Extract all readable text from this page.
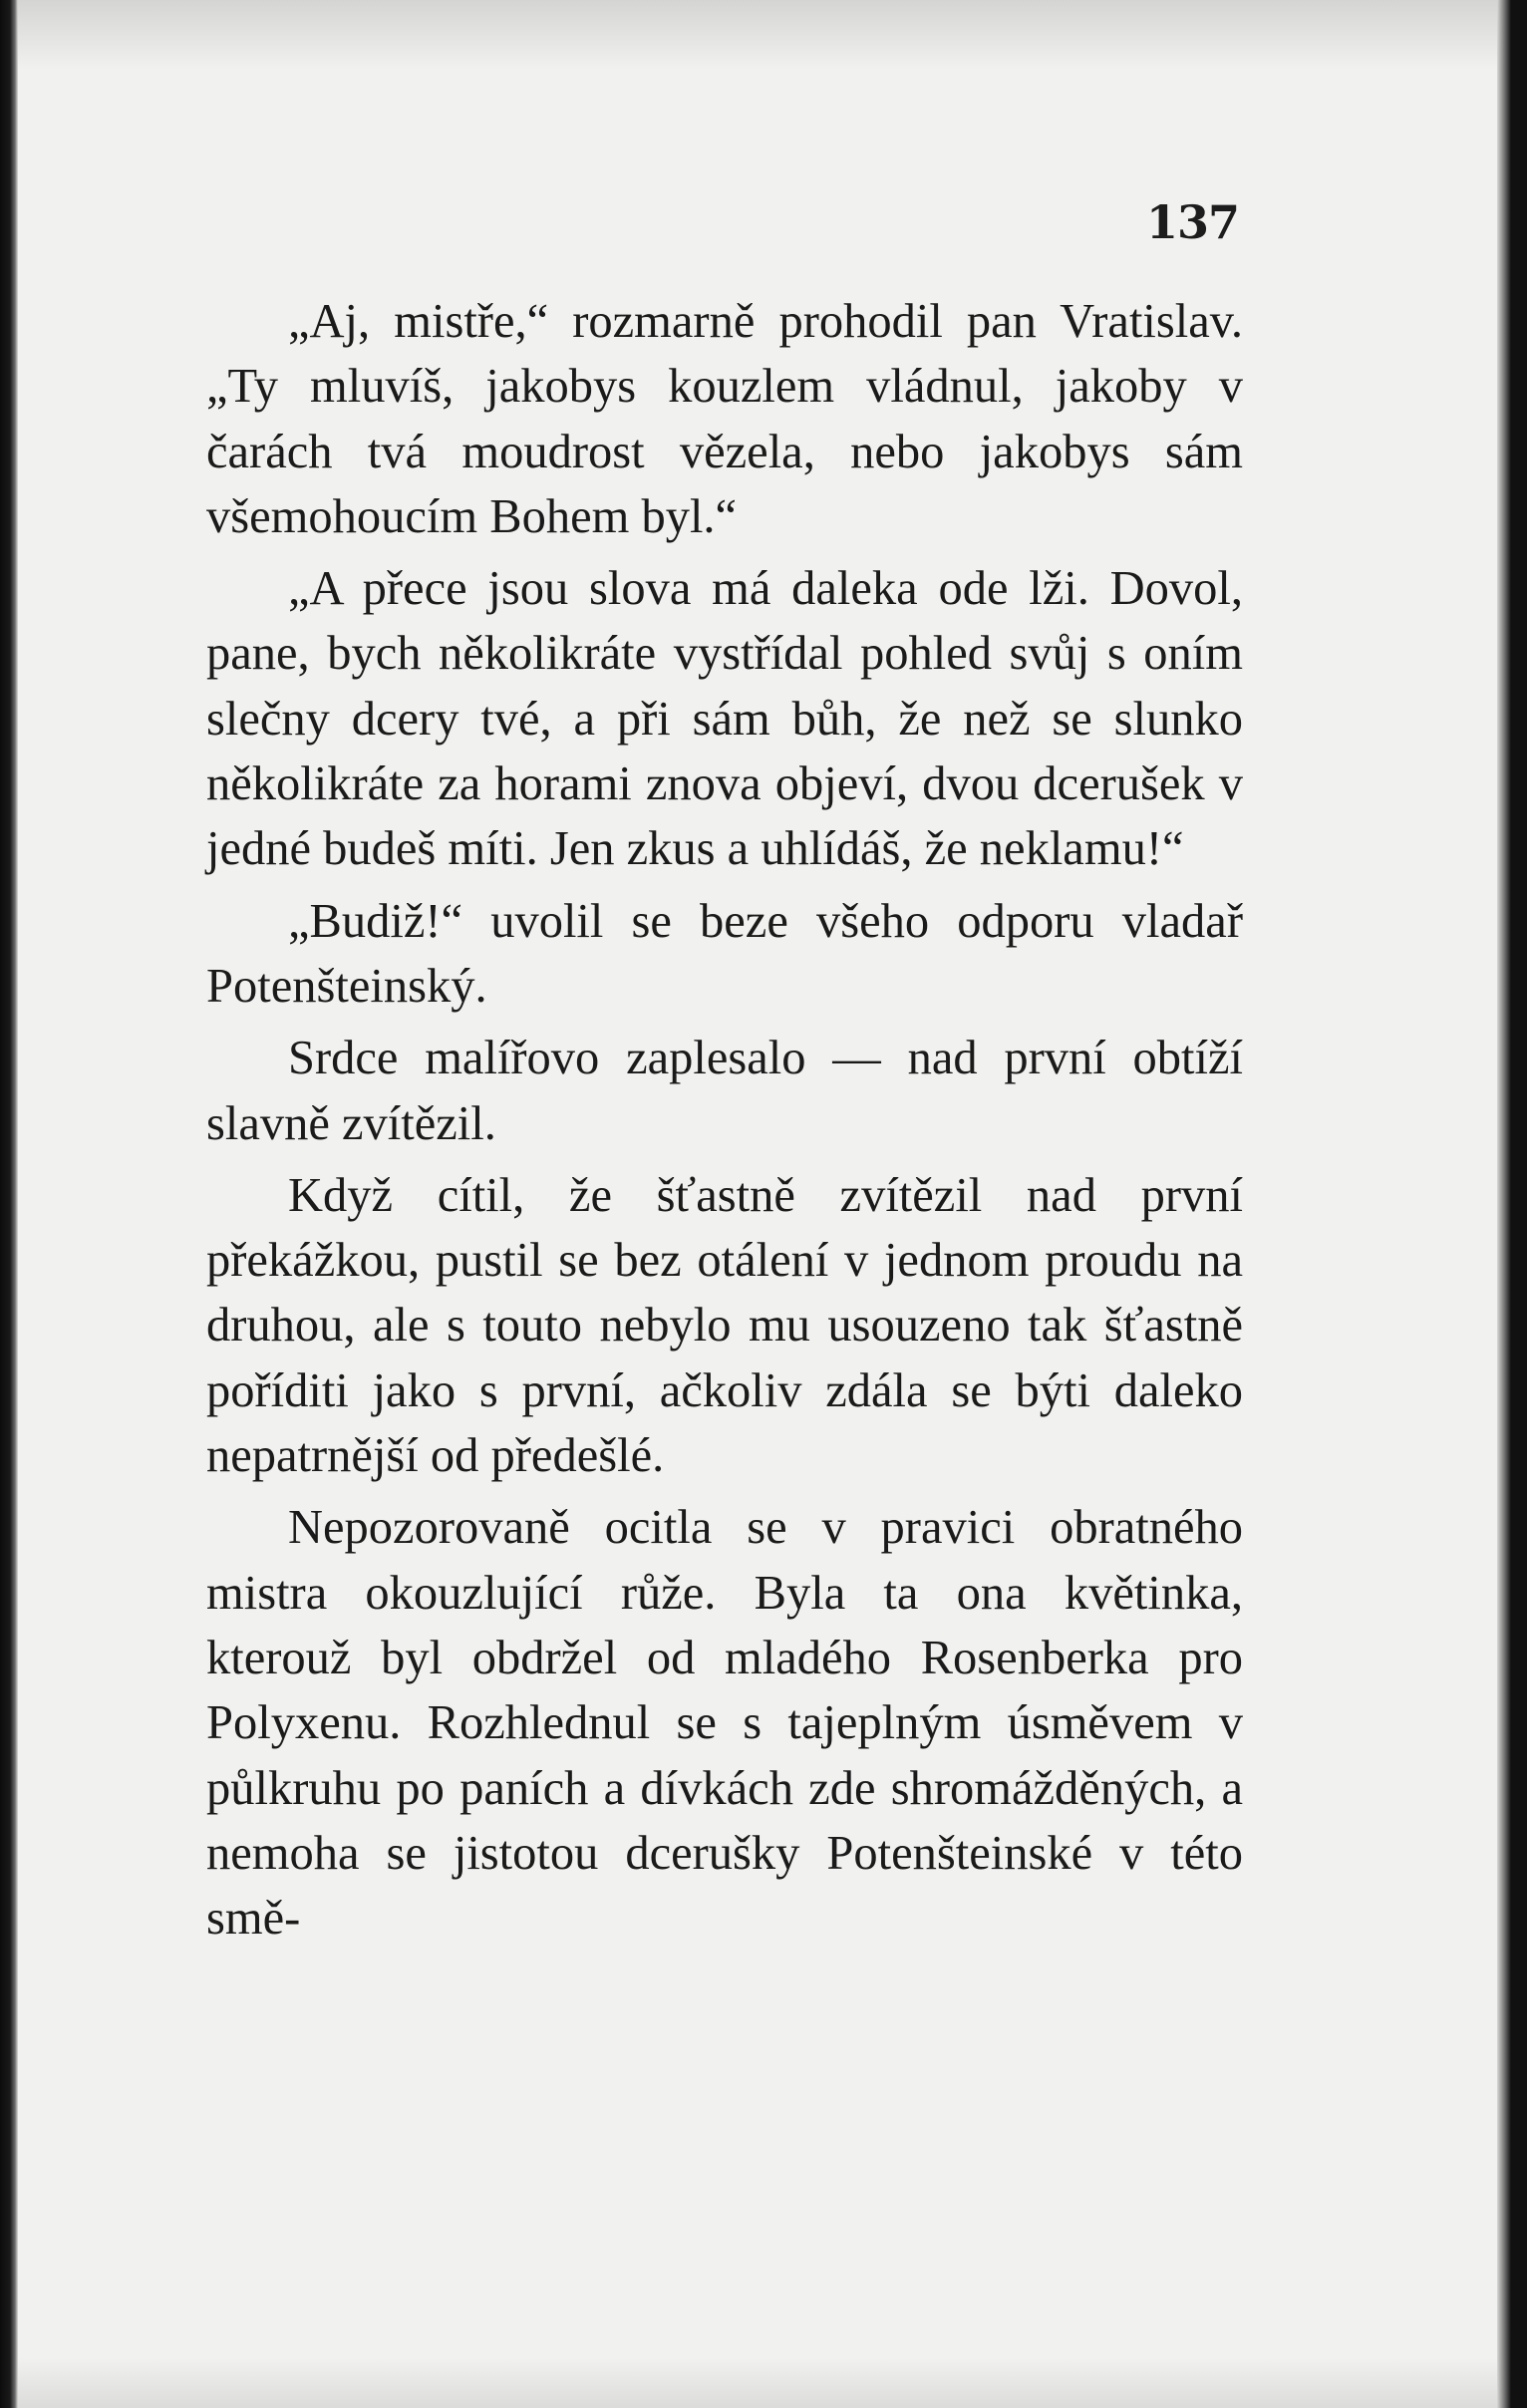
137

„Aj, mistře,“ rozmarně prohodil pan Vratislav. „Ty mluvíš, jakobys kouzlem vládnul, jakoby v čarách tvá moudrost vězela, nebo jakobys sám všemohoucím Bohem byl.“

„A přece jsou slova má daleka ode lži. Dovol, pane, bych několikráte vystřídal pohled svůj s oním slečny dcery tvé, a při sám bůh, že než se slunko několikráte za horami znova objeví, dvou dcerušek v jedné budeš míti. Jen zkus a uhlídáš, že neklamu!“

„Budiž!“ uvolil se beze všeho odporu vladař Potenšteinský.

Srdce malířovo zaplesalo — nad první obtíží slavně zvítězil.

Když cítil, že šťastně zvítězil nad první překážkou, pustil se bez otálení v jednom proudu na druhou, ale s touto nebylo mu usouzeno tak šťastně poříditi jako s první, ačkoliv zdála se býti daleko nepatrnější od předešlé.

Nepozorovaně ocitla se v pravici obratného mistra okouzlující růže. Byla ta ona květinka, kterouž byl obdržel od mladého Rosenberka pro Polyxenu. Rozhlednul se s tajeplným úsměvem v půlkruhu po paních a dívkách zde shromážděných, a nemoha se jistotou dcerušky Potenšteinské v této smě-
